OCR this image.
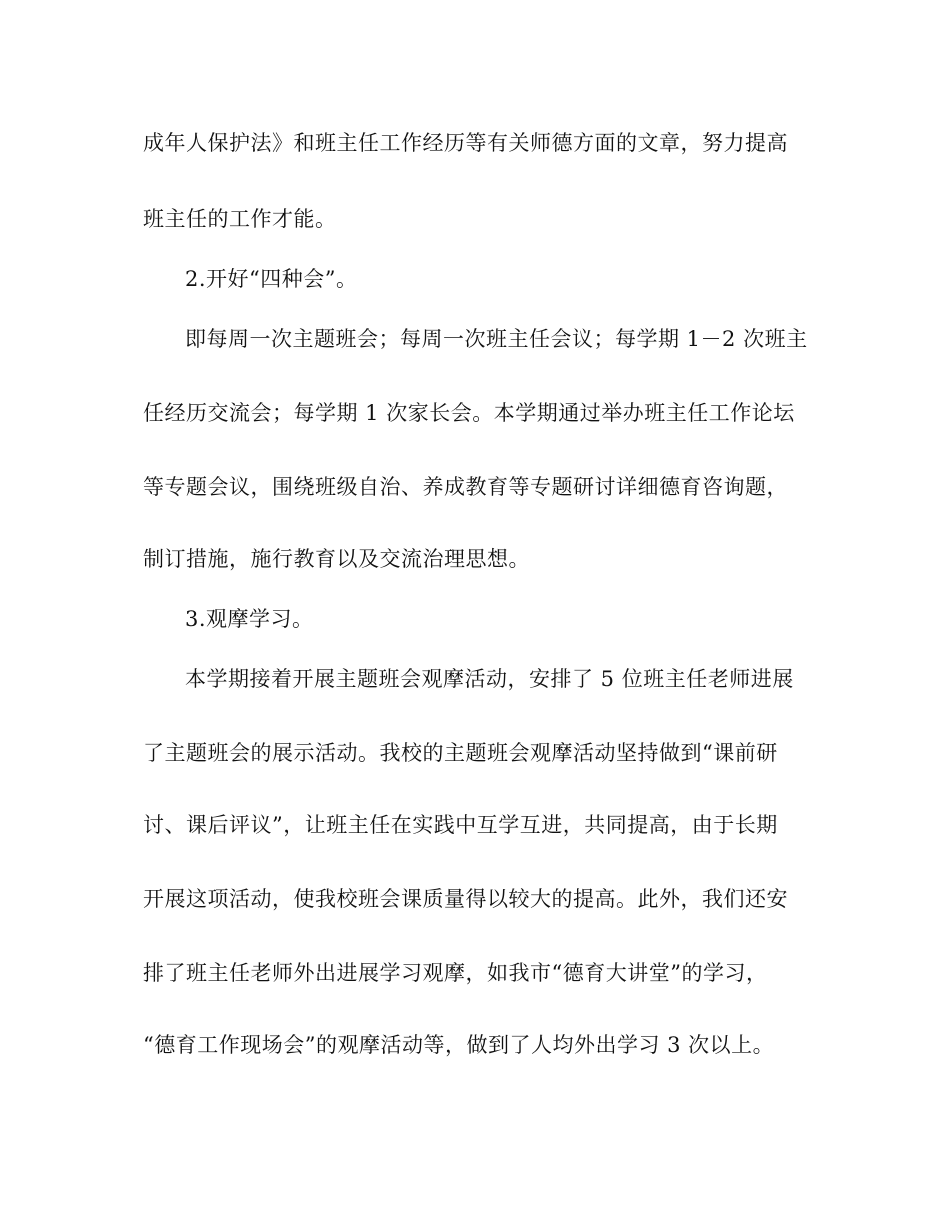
成年人保护法》和班主任工作经历等有关师德方面的文章，努力提高
班主任的工作才能。
2.开好“四种会”。
即每周一次主题班会；每周一次班主任会议；每学期 1－2 次班主
任经历交流会；每学期 1 次家长会。本学期通过举办班主任工作论坛
等专题会议，围绕班级自治、养成教育等专题研讨详细德育咨询题，
制订措施，施行教育以及交流治理思想。
3.观摩学习。
本学期接着开展主题班会观摩活动，安排了 5 位班主任老师进展
了主题班会的展示活动。我校的主题班会观摩活动坚持做到“课前研
讨、课后评议”，让班主任在实践中互学互进，共同提高，由于长期
开展这项活动，使我校班会课质量得以较大的提高。此外，我们还安
排了班主任老师外出进展学习观摩，如我市“德育大讲堂”的学习，
“德育工作现场会”的观摩活动等，做到了人均外出学习 3 次以上。
